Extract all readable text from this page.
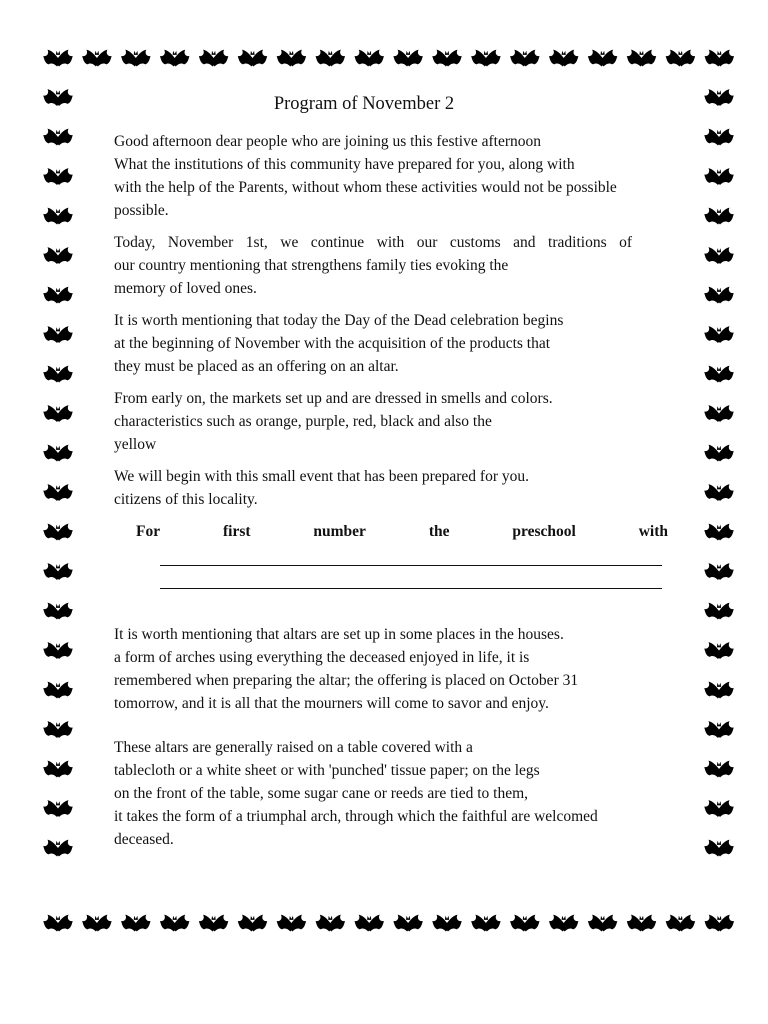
Program of November 2
Good afternoon dear people who are joining us this festive afternoon
What the institutions of this community have prepared for you, along with
with the help of the Parents, without whom these activities would not be possible
possible.
Today, November 1st, we continue with our customs and traditions of
our country mentioning that strengthens family ties evoking the
memory of loved ones.
It is worth mentioning that today the Day of the Dead celebration begins
at the beginning of November with the acquisition of the products that
they must be placed as an offering on an altar.
From early on, the markets set up and are dressed in smells and colors.
characteristics such as orange, purple, red, black and also the
yellow
We will begin with this small event that has been prepared for you.
citizens of this locality.
For	first	number	the	preschool	with
It is worth mentioning that altars are set up in some places in the houses.
a form of arches using everything the deceased enjoyed in life, it is
remembered when preparing the altar; the offering is placed on October 31
tomorrow, and it is all that the mourners will come to savor and enjoy.
These altars are generally raised on a table covered with a
tablecloth or a white sheet or with 'punched' tissue paper; on the legs
on the front of the table, some sugar cane or reeds are tied to them,
it takes the form of a triumphal arch, through which the faithful are welcomed
deceased.
